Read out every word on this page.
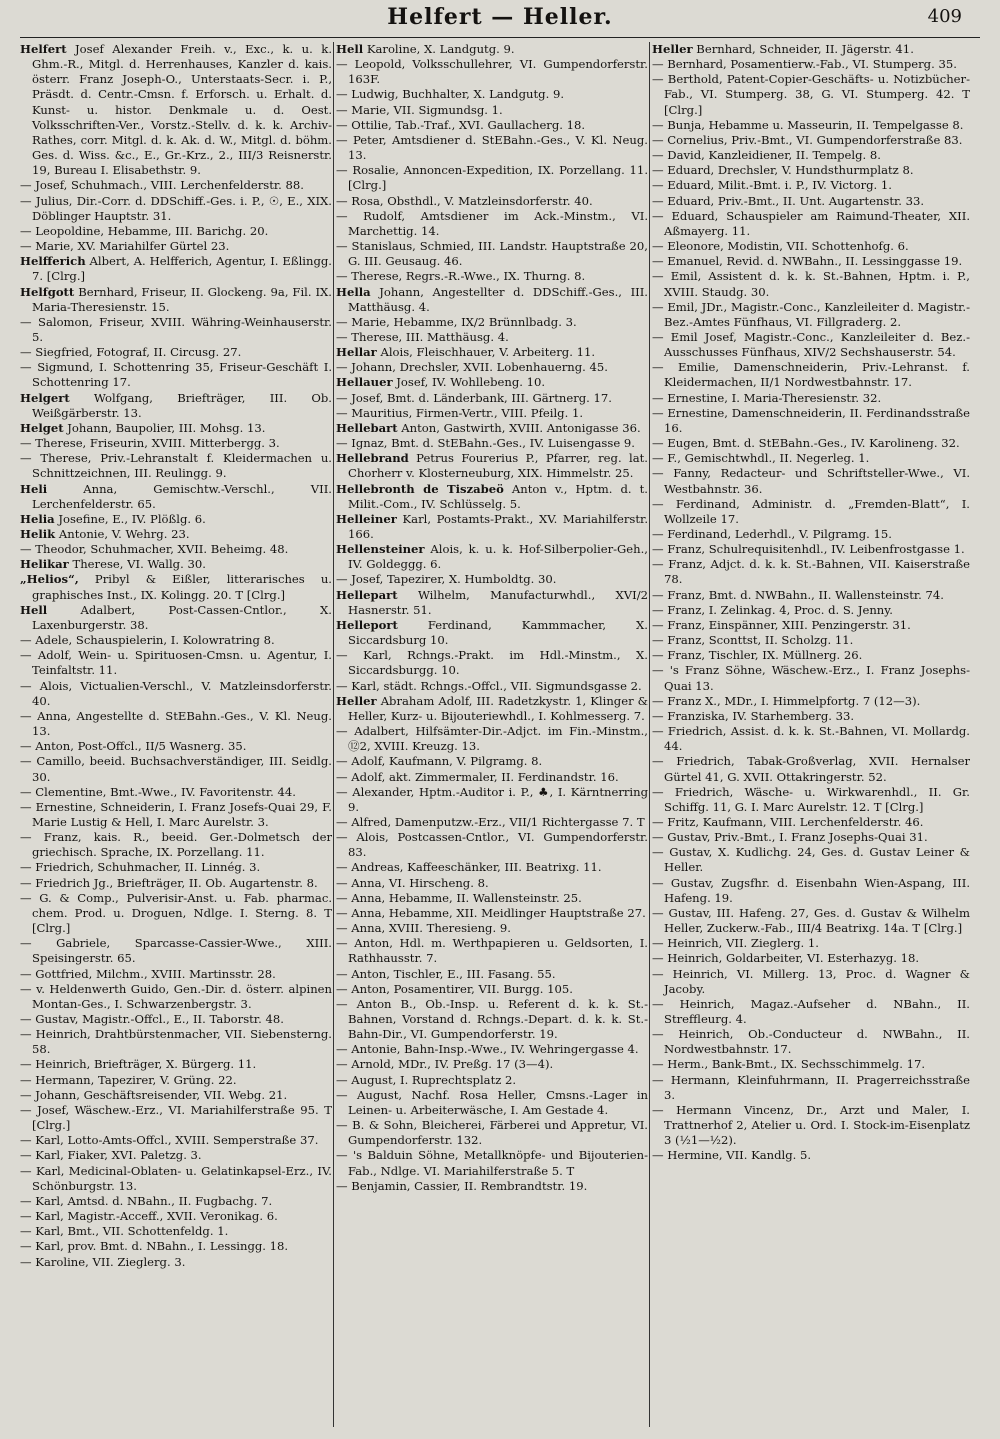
Helfert — Heller.	409
Helfert Josef Alexander Freih. v., Exc., k. u. k. Ghm.-R., Mitgl. d. Herrenhauses, Kanzler d. kais. österr. Franz Joseph-O., Unterstaats-Secr. i. P., Präsdt. d. Centr.-Cmsn. f. Erforsch. u. Erhalt. d. Kunst- u. histor. Denkmale u. d. Oest. Volksschriften-Ver., Vorstz.-Stellv. d. k. k. Archiv-Rathes, corr. Mitgl. d. k. Ak. d. W., Mitgl. d. böhm. Ges. d. Wiss. &c., E., Gr.-Krz., 2., III/3 Reisnerstr. 19, Bureau I. Elisabethstr. 9.
— Josef, Schuhmach., VIII. Lerchenfelderstr. 88.
— Julius, Dir.-Corr. d. DDSchiff.-Ges. i. P., ☉, E., XIX. Döblinger Hauptstr. 31.
— Leopoldine, Hebamme, III. Barichg. 20.
— Marie, XV. Mariahilfer Gürtel 23.
Helfferich Albert, A. Helfferich, Agentur, I. Eßlingg. 7. [Clrg.]
Helfgott Bernhard, Friseur, II. Glockeng. 9a, Fil. IX. Maria-Theresienstr. 15.
— Salomon, Friseur, XVIII. Währing-Weinhauserstr. 5.
— Siegfried, Fotograf, II. Circusg. 27.
— Sigmund, I. Schottenring 35, Friseur-Geschäft I. Schottenring 17.
Helgert Wolfgang, Briefträger, III. Ob. Weißgärberstr. 13.
Helget Johann, Baupolier, III. Mohsg. 13.
— Therese, Friseurin, XVIII. Mitterbergg. 3.
— Therese, Priv.-Lehranstalt f. Kleidermachen u. Schnittzeichnen, III. Reulingg. 9.
Heli Anna, Gemischtw.-Verschl., VII. Lerchenfelderstr. 65.
Helia Josefine, E., IV. Plößlg. 6.
Helik Antonie, V. Wehrg. 23.
— Theodor, Schuhmacher, XVII. Beheimg. 48.
Helikar Therese, VI. Wallg. 30.
„Helios“, Pribyl & Eißler, litterarisches u. graphisches Inst., IX. Kolingg. 20. T [Clrg.]
Hell Adalbert, Post-Cassen-Cntlor., X. Laxenburgerstr. 38.
— Adele, Schauspielerin, I. Kolowratring 8.
— Adolf, Wein- u. Spirituosen-Cmsn. u. Agentur, I. Teinfaltstr. 11.
— Alois, Victualien-Verschl., V. Matzleinsdorferstr. 40.
— Anna, Angestellte d. StEBahn.-Ges., V. Kl. Neug. 13.
— Anton, Post-Offcl., II/5 Wasnerg. 35.
— Camillo, beeid. Buchsachverständiger, III. Seidlg. 30.
— Clementine, Bmt.-Wwe., IV. Favoritenstr. 44.
— Ernestine, Schneiderin, I. Franz Josefs-Quai 29, F. Marie Lustig & Hell, I. Marc Aurelstr. 3.
— Franz, kais. R., beeid. Ger.-Dolmetsch der griechisch. Sprache, IX. Porzellang. 11.
— Friedrich, Schuhmacher, II. Linnég. 3.
— Friedrich Jg., Briefträger, II. Ob. Augartenstr. 8.
— G. & Comp., Pulverisir-Anst. u. Fab. pharmac. chem. Prod. u. Droguen, Ndlge. I. Sterng. 8. T [Clrg.]
— Gabriele, Sparcasse-Cassier-Wwe., XIII. Speisingerstr. 65.
— Gottfried, Milchm., XVIII. Martinsstr. 28.
— v. Heldenwerth Guido, Gen.-Dir. d. österr. alpinen Montan-Ges., I. Schwarzenbergstr. 3.
— Gustav, Magistr.-Offcl., E., II. Taborstr. 48.
— Heinrich, Drahtbürstenmacher, VII. Siebensterng. 58.
— Heinrich, Briefträger, X. Bürgerg. 11.
— Hermann, Tapezirer, V. Grüng. 22.
— Johann, Geschäftsreisender, VII. Webg. 21.
— Josef, Wäschew.-Erz., VI. Mariahilferstraße 95. T [Clrg.]
— Karl, Lotto-Amts-Offcl., XVIII. Semperstraße 37.
— Karl, Fiaker, XVI. Paletzg. 3.
— Karl, Medicinal-Oblaten- u. Gelatinkapsel-Erz., IV. Schönburgstr. 13.
— Karl, Amtsd. d. NBahn., II. Fugbachg. 7.
— Karl, Magistr.-Acceff., XVII. Veronikag. 6.
— Karl, Bmt., VII. Schottenfeldg. 1.
— Karl, prov. Bmt. d. NBahn., I. Lessingg. 18.
— Karoline, VII. Zieglerg. 3.
Hell Karoline, X. Landgutg. 9.
— Leopold, Volksschullehrer, VI. Gumpendorferstr. 163F.
— Ludwig, Buchhalter, X. Landgutg. 9.
— Marie, VII. Sigmundsg. 1.
— Ottilie, Tab.-Traf., XVI. Gaullacherg. 18.
— Peter, Amtsdiener d. StEBahn.-Ges., V. Kl. Neug. 13.
— Rosalie, Annoncen-Expedition, IX. Porzellang. 11. [Clrg.]
— Rosa, Obsthdl., V. Matzleinsdorferstr. 40.
— Rudolf, Amtsdiener im Ack.-Minstm., VI. Marchettig. 14.
— Stanislaus, Schmied, III. Landstr. Hauptstraße 20, G. III. Geusaug. 46.
— Therese, Regrs.-R.-Wwe., IX. Thurng. 8.
Hella Johann, Angestellter d. DDSchiff.-Ges., III. Matthäusg. 4.
— Marie, Hebamme, IX/2 Brünnlbadg. 3.
— Therese, III. Matthäusg. 4.
Hellar Alois, Fleischhauer, V. Arbeiterg. 11.
— Johann, Drechsler, XVII. Lobenhauerng. 45.
Hellauer Josef, IV. Wohllebeng. 10.
— Josef, Bmt. d. Länderbank, III. Gärtnerg. 17.
— Mauritius, Firmen-Vertr., VIII. Pfeilg. 1.
Hellebart Anton, Gastwirth, XVIII. Antonigasse 36.
— Ignaz, Bmt. d. StEBahn.-Ges., IV. Luisengasse 9.
Hellebrand Petrus Fourerius P., Pfarrer, reg. lat. Chorherr v. Klosterneuburg, XIX. Himmelstr. 25.
Hellebronth de Tiszabeö Anton v., Hptm. d. t. Milit.-Com., IV. Schlüsselg. 5.
Helleiner Karl, Postamts-Prakt., XV. Mariahilferstr. 166.
Hellensteiner Alois, k. u. k. Hof-Silberpolier-Geh., IV. Goldeggg. 6.
— Josef, Tapezirer, X. Humboldtg. 30.
Hellepart Wilhelm, Manufacturwhdl., XVI/2 Hasnerstr. 51.
Helleport Ferdinand, Kammmacher, X. Siccardsburg 10.
— Karl, Rchngs.-Prakt. im Hdl.-Minstm., X. Siccardsburgg. 10.
— Karl, städt. Rchngs.-Offcl., VII. Sigmundsgasse 2.
Heller Abraham Adolf, III. Radetzkystr. 1, Klinger & Heller, Kurz- u. Bijouteriewhdl., I. Kohlmesserg. 7.
— Adalbert, Hilfsämter-Dir.-Adjct. im Fin.-Minstm., ⑫2, XVIII. Kreuzg. 13.
— Adolf, Kaufmann, V. Pilgramg. 8.
— Adolf, akt. Zimmermaler, II. Ferdinandstr. 16.
— Alexander, Hptm.-Auditor i. P., ♣, I. Kärntnerring 9.
— Alfred, Damenputzw.-Erz., VII/1 Richtergasse 7. T
— Alois, Postcassen-Cntlor., VI. Gumpendorferstr. 83.
— Andreas, Kaffeeschänker, III. Beatrixg. 11.
— Anna, VI. Hirscheng. 8.
— Anna, Hebamme, II. Wallensteinstr. 25.
— Anna, Hebamme, XII. Meidlinger Hauptstraße 27.
— Anna, XVIII. Theresieng. 9.
— Anton, Hdl. m. Werthpapieren u. Geldsorten, I. Rathhausstr. 7.
— Anton, Tischler, E., III. Fasang. 55.
— Anton, Posamentirer, VII. Burgg. 105.
— Anton B., Ob.-Insp. u. Referent d. k. k. St.-Bahnen, Vorstand d. Rchngs.-Depart. d. k. k. St.-Bahn-Dir., VI. Gumpendorferstr. 19.
— Antonie, Bahn-Insp.-Wwe., IV. Wehringergasse 4.
— Arnold, MDr., IV. Preßg. 17 (3—4).
— August, I. Ruprechtsplatz 2.
— August, Nachf. Rosa Heller, Cmsns.-Lager in Leinen- u. Arbeiterwäsche, I. Am Gestade 4.
— B. & Sohn, Bleicherei, Färberei und Appretur, VI. Gumpendorferstr. 132.
— 's Balduin Söhne, Metallknöpfe- und Bijouterien-Fab., Ndlge. VI. Mariahilferstraße 5. T
— Benjamin, Cassier, II. Rembrandtstr. 19.
Heller Bernhard, Schneider, II. Jägerstr. 41.
— Bernhard, Posamentierw.-Fab., VI. Stumperg. 35.
— Berthold, Patent-Copier-Geschäfts- u. Notizbücher-Fab., VI. Stumperg. 38, G. VI. Stumperg. 42. T [Clrg.]
— Bunja, Hebamme u. Masseurin, II. Tempelgasse 8.
— Cornelius, Priv.-Bmt., VI. Gumpendorferstraße 83.
— David, Kanzleidiener, II. Tempelg. 8.
— Eduard, Drechsler, V. Hundsthurmplatz 8.
— Eduard, Milit.-Bmt. i. P., IV. Victorg. 1.
— Eduard, Priv.-Bmt., II. Unt. Augartenstr. 33.
— Eduard, Schauspieler am Raimund-Theater, XII. Aßmayerg. 11.
— Eleonore, Modistin, VII. Schottenhofg. 6.
— Emanuel, Revid. d. NWBahn., II. Lessinggasse 19.
— Emil, Assistent d. k. k. St.-Bahnen, Hptm. i. P., XVIII. Staudg. 30.
— Emil, JDr., Magistr.-Conc., Kanzleileiter d. Magistr.-Bez.-Amtes Fünfhaus, VI. Fillgraderg. 2.
— Emil Josef, Magistr.-Conc., Kanzleileiter d. Bez.-Ausschusses Fünfhaus, XIV/2 Sechshauserstr. 54.
— Emilie, Damenschneiderin, Priv.-Lehranst. f. Kleidermachen, II/1 Nordwestbahnstr. 17.
— Ernestine, I. Maria-Theresienstr. 32.
— Ernestine, Damenschneiderin, II. Ferdinandsstraße 16.
— Eugen, Bmt. d. StEBahn.-Ges., IV. Karolineng. 32.
— F., Gemischtwhdl., II. Negerleg. 1.
— Fanny, Redacteur- und Schriftsteller-Wwe., VI. Westbahnstr. 36.
— Ferdinand, Administr. d. „Fremden-Blatt“, I. Wollzeile 17.
— Ferdinand, Lederhdl., V. Pilgramg. 15.
— Franz, Schulrequisitenhdl., IV. Leibenfrostgasse 1.
— Franz, Adjct. d. k. k. St.-Bahnen, VII. Kaiserstraße 78.
— Franz, Bmt. d. NWBahn., II. Wallensteinstr. 74.
— Franz, I. Zelinkag. 4, Proc. d. S. Jenny.
— Franz, Einspänner, XIII. Penzingerstr. 31.
— Franz, Sconttst, II. Scholzg. 11.
— Franz, Tischler, IX. Müllnerg. 26.
— 's Franz Söhne, Wäschew.-Erz., I. Franz Josephs-Quai 13.
— Franz X., MDr., I. Himmelpfortg. 7 (12—3).
— Franziska, IV. Starhemberg. 33.
— Friedrich, Assist. d. k. k. St.-Bahnen, VI. Mollardg. 44.
— Friedrich, Tabak-Großverlag, XVII. Hernalser Gürtel 41, G. XVII. Ottakringerstr. 52.
— Friedrich, Wäsche- u. Wirkwarenhdl., II. Gr. Schiffg. 11, G. I. Marc Aurelstr. 12. T [Clrg.]
— Fritz, Kaufmann, VIII. Lerchenfelderstr. 46.
— Gustav, Priv.-Bmt., I. Franz Josephs-Quai 31.
— Gustav, X. Kudlichg. 24, Ges. d. Gustav Leiner & Heller.
— Gustav, Zugsfhr. d. Eisenbahn Wien-Aspang, III. Hafeng. 19.
— Gustav, III. Hafeng. 27, Ges. d. Gustav & Wilhelm Heller, Zuckerw.-Fab., III/4 Beatrixg. 14a. T [Clrg.]
— Heinrich, VII. Zieglerg. 1.
— Heinrich, Goldarbeiter, VI. Esterhazyg. 18.
— Heinrich, VI. Millerg. 13, Proc. d. Wagner & Jacoby.
— Heinrich, Magaz.-Aufseher d. NBahn., II. Streffleurg. 4.
— Heinrich, Ob.-Conducteur d. NWBahn., II. Nordwestbahnstr. 17.
— Herm., Bank-Bmt., IX. Sechsschimmelg. 17.
— Hermann, Kleinfuhrmann, II. Pragerreichsstraße 3.
— Hermann Vincenz, Dr., Arzt und Maler, I. Trattnerhof 2, Atelier u. Ord. I. Stock-im-Eisenplatz 3 (½1—½2).
— Hermine, VII. Kandlg. 5.
